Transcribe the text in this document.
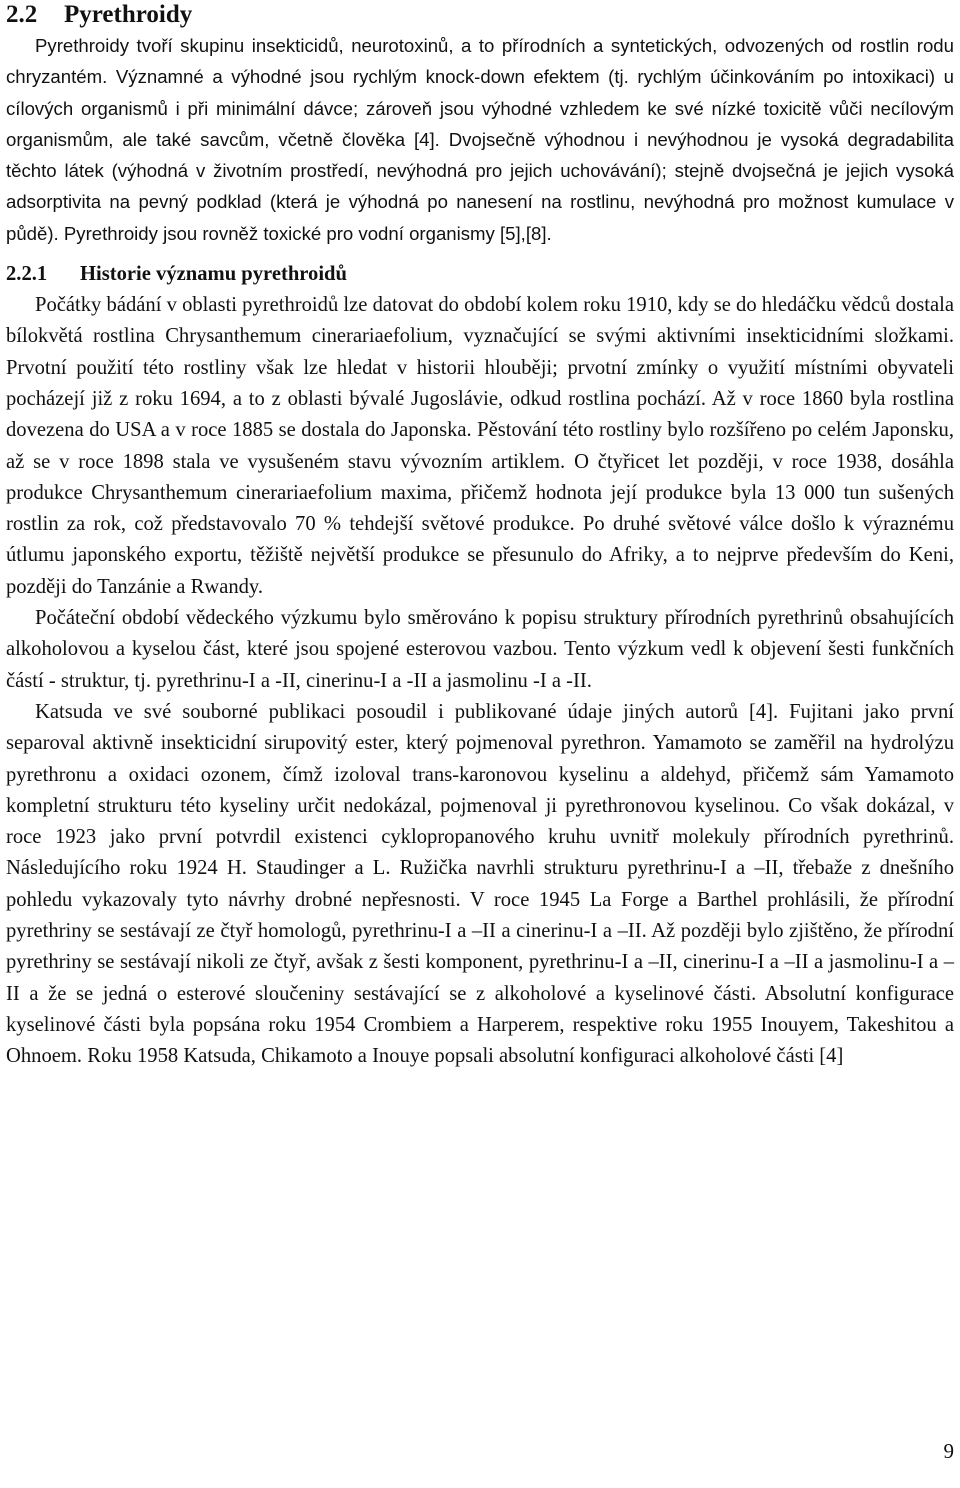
2.2 Pyrethroidy

Pyrethroidy tvoří skupinu insekticidů, neurotoxinů, a to přírodních a syntetických, odvozených od rostlin rodu chryzantém. Významné a výhodné jsou rychlým knock-down efektem (tj. rychlým účinkováním po intoxikaci) u cílových organismů i při minimální dávce; zároveň jsou výhodné vzhledem ke své nízké toxicitě vůči necílovým organismům, ale také savcům, včetně člověka [4]. Dvojsečně výhodnou i nevýhodnou je vysoká degradabilita těchto látek (výhodná v životním prostředí, nevýhodná pro jejich uchovávání); stejně dvojsečná je jejich vysoká adsorptivita na pevný podklad (která je výhodná po nanesení na rostlinu, nevýhodná pro možnost kumulace v půdě). Pyrethroidy jsou rovněž toxické pro vodní organismy [5],[8].

2.2.1 Historie významu pyrethroidů

Počátky bádání v oblasti pyrethroidů lze datovat do období kolem roku 1910, kdy se do hledáčku vědců dostala bílokvětá rostlina Chrysanthemum cinerariaefolium, vyznačující se svými aktivními insekticidními složkami. Prvotní použití této rostliny však lze hledat v historii hlouběji; prvotní zmínky o využití místními obyvateli pocházejí již z roku 1694, a to z oblasti bývalé Jugoslávie, odkud rostlina pochází. Až v roce 1860 byla rostlina dovezena do USA a v roce 1885 se dostala do Japonska. Pěstování této rostliny bylo rozšířeno po celém Japonsku, až se v roce 1898 stala ve vysušeném stavu vývozním artiklem. O čtyřicet let později, v roce 1938, dosáhla produkce Chrysanthemum cinerariaefolium maxima, přičemž hodnota její produkce byla 13 000 tun sušených rostlin za rok, což představovalo 70 % tehdejší světové produkce. Po druhé světové válce došlo k výraznému útlumu japonského exportu, těžiště největší produkce se přesunulo do Afriky, a to nejprve především do Keni, později do Tanzánie a Rwandy.

Počáteční období vědeckého výzkumu bylo směrováno k popisu struktury přírodních pyrethrinů obsahujících alkoholovou a kyselou část, které jsou spojené esterovou vazbou. Tento výzkum vedl k objevení šesti funkčních částí - struktur, tj. pyrethrinu-I a -II, cinerinu-I a -II a jasmolinu -I a -II.

Katsuda ve své souborné publikaci posoudil i publikované údaje jiných autorů [4]. Fujitani jako první separoval aktivně insekticidní sirupovitý ester, který pojmenoval pyrethron. Yamamoto se zaměřil na hydrolýzu pyrethronu a oxidaci ozonem, čímž izoloval trans-karonovou kyselinu a aldehyd, přičemž sám Yamamoto kompletní strukturu této kyseliny určit nedokázal, pojmenoval ji pyrethronovou kyselinou. Co však dokázal, v roce 1923 jako první potvrdil existenci cyklopropanového kruhu uvnitř molekuly přírodních pyrethrinů. Následujícího roku 1924 H. Staudinger a L. Ružička navrhli strukturu pyrethrinu-I a –II, třebaže z dnešního pohledu vykazovaly tyto návrhy drobné nepřesnosti. V roce 1945 La Forge a Barthel prohlásili, že přírodní pyrethriny se sestávají ze čtyř homologů, pyrethrinu-I a –II a cinerinu-I a –II. Až později bylo zjištěno, že přírodní pyrethriny se sestávají nikoli ze čtyř, avšak z šesti komponent, pyrethrinu-I a –II, cinerinu-I a –II a jasmolinu-I a –II a že se jedná o esterové sloučeniny sestávající se z alkoholové a kyselinové části. Absolutní konfigurace kyselinové části byla popsána roku 1954 Crombiem a Harperem, respektive roku 1955 Inouyem, Takeshitou a Ohnoem. Roku 1958 Katsuda, Chikamoto a Inouye popsali absolutní konfiguraci alkoholové části [4]

9
